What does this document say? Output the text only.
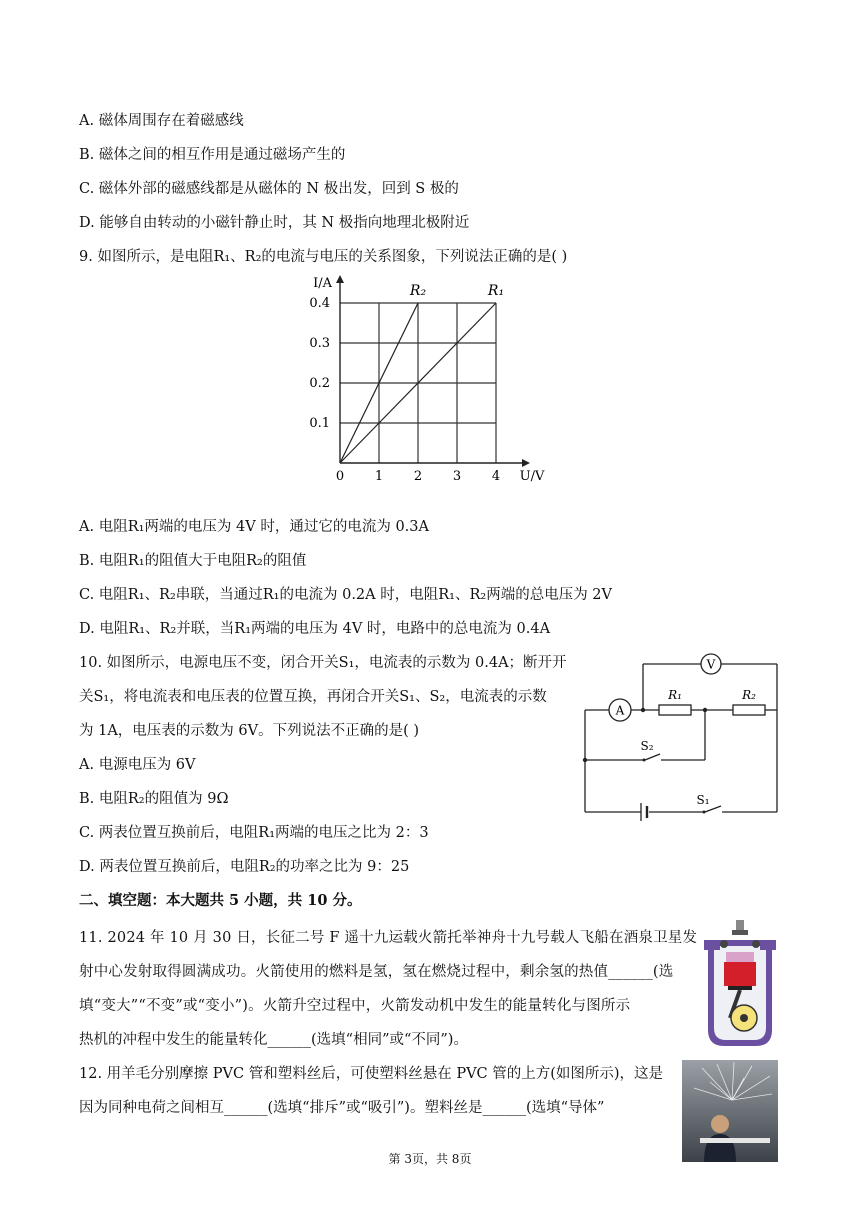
A. 磁体周围存在着磁感线
B. 磁体之间的相互作用是通过磁场产生的
C. 磁体外部的磁感线都是从磁体的 N 极出发，回到 S 极的
D. 能够自由转动的小磁针静止时，其 N 极指向地理北极附近
9. 如图所示，是电阻R₁、R₂的电流与电压的关系图象，下列说法正确的是( )
R₂	R₁
0 1 2 3 4
0.1
0.2
0.3
0.4
U/V
I/A
A. 电阻R₁两端的电压为 4V 时，通过它的电流为 0.3A
B. 电阻R₁的阻值大于电阻R₂的阻值
C. 电阻R₁、R₂串联，当通过R₁的电流为 0.2A 时，电阻R₁、R₂两端的总电压为 2V
D. 电阻R₁、R₂并联，当R₁两端的电压为 4V 时，电路中的总电流为 0.4A
10. 如图所示，电源电压不变，闭合开关S₁，电流表的示数为 0.4A；断开开
关S₁，将电流表和电压表的位置互换，再闭合开关S₁、S₂，电流表的示数
为 1A，电压表的示数为 6V。下列说法不正确的是( )
A. 电源电压为 6V
B. 电阻R₂的阻值为 9Ω
C. 两表位置互换前后，电阻R₁两端的电压之比为 2：3
D. 两表位置互换前后，电阻R₂的功率之比为 9：25
V
A
R₁	R₂
S₂
S₁
二、填空题：本大题共 5 小题，共 10 分。
11. 2024 年 10 月 30 日，长征二号 F 遥十九运载火箭托举神舟十九号载人飞船在酒泉卫星发
射中心发射取得圆满成功。火箭使用的燃料是氢，氢在燃烧过程中，剩余氢的热值______(选
填“变大”“不变”或“变小”)。火箭升空过程中，火箭发动机中发生的能量转化与图所示
热机的冲程中发生的能量转化______(选填“相同”或“不同”)。
12. 用羊毛分别摩擦 PVC 管和塑料丝后，可使塑料丝悬在 PVC 管的上方(如图所示)，这是
因为同种电荷之间相互______(选填“排斥”或“吸引”)。塑料丝是______(选填“导体”
第 3页，共 8页
